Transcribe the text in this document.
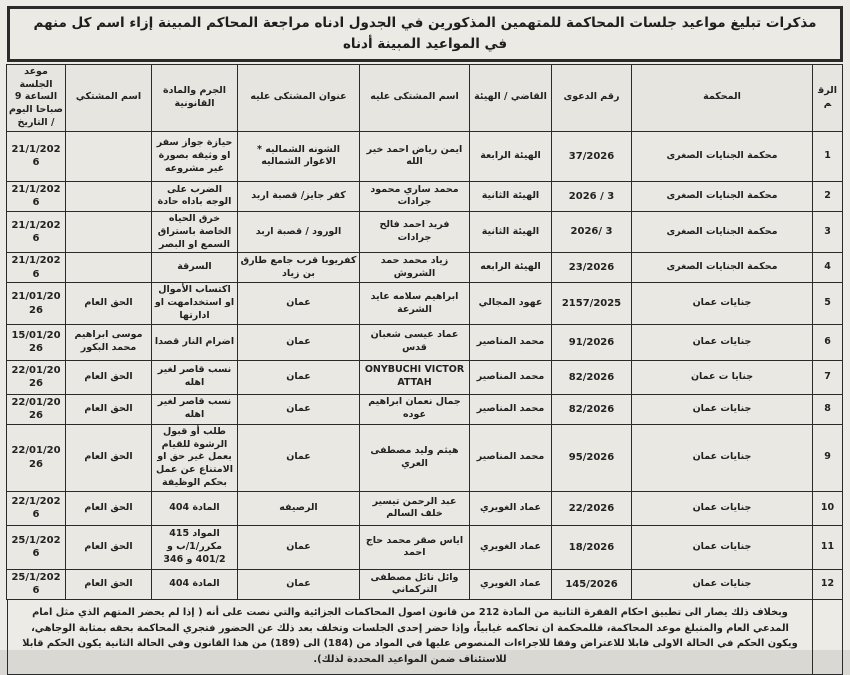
مذكرات تبليغ مواعيد جلسات المحاكمة للمتهمين المذكورين في الجدول ادناه مراجعة المحاكم المبينة إزاء اسم كل منهم في المواعيد المبينة أدناه
الرقم	المحكمة	رقم الدعوى	القاضي / الهيئة	اسم المشتكى عليه	عنوان المشتكى عليه	الجرم والمادة القانونية	اسم المشتكي	موعد الجلسة الساعة 9 صباحا اليوم / التاريخ
1	محكمة الجنايات الصغرى	37/2026	الهيئة الرابعة	ايمن رياض احمد خير الله	الشونه الشماليه * الاغوار الشماليه	حيازة جواز سفر او وثيقه بصورة غير مشروعه		21/1/2026
2	محكمة الجنايات الصغرى	2026 / 3	الهيئة الثانية	محمد ساري محمود جرادات	كفر جايز/ قصبة اربد	الضرب على الوجه باداه حادة		21/1/2026
3	محكمة الجنايات الصغرى	2026/ 3	الهيئة الثانية	فريد احمد فالح جرادات	الورود / قصبة اربد	خرق الحياه الخاصة باستراق السمع او البصر		21/1/2026
4	محكمة الجنايات الصغرى	23/2026	الهيئة الرابعه	زياد محمد حمد الشروش	كفريوبا قرب جامع طارق بن زياد	السرقة		21/1/2026
5	جنايات عمان	2157/2025	عهود المجالي	ابراهيم سلامه عايد الشرعة	عمان	اكتساب الأموال او استخدامهت او ادارتها	الحق العام	21/01/2026
6	جنايات عمان	91/2026	محمد المناصير	عماد عيسى شعبان قدس	عمان	اضرام النار قصدا	موسى ابراهيم محمد البكور	15/01/2026
7	جنايا ت عمان	82/2026	محمد المناصير	ONYBUCHI VICTOR ATTAH	عمان	نسب قاصر لغير اهله	الحق العام	22/01/2026
8	جنايات عمان	82/2026	محمد المناصير	جمال نعمان ابراهيم عوده	عمان	نسب قاصر لغير اهله	الحق العام	22/01/2026
9	جنايات عمان	95/2026	محمد المناصير	هيثم وليد مصطفى العري	عمان	طلب أو قبول الرشوة للقيام بعمل غير حق او الامتناع عن عمل بحكم الوظيفة	الحق العام	22/01/2026
10	جنايات عمان	22/2026	عماد الغويري	عبد الرحمن تيسير خلف السالم	الرصيفه	المادة 404	الحق العام	22/1/2026
11	جنايات عمان	18/2026	عماد الغويري	اياس صقر محمد حاج احمد	عمان	المواد 415 مكرر/1/ب و 401/2 و 346	الحق العام	25/1/2026
12	جنايات عمان	145/2026	عماد الغويري	وائل نائل مصطفى التركماني	عمان	المادة 404	الحق العام	25/1/2026
وبخلاف ذلك يصار الى تطبيق احكام الفقرة الثانية من المادة 212 من قانون اصول المحاكمات الجزائية والتي نصت على أنه ( إذا لم يحضر المتهم الذي مثل امام المدعي العام والمتبلغ موعد المحاكمة، فللمحكمة ان تحاكمه غيابياً، وإذا حضر إحدى الجلسات وتخلف بعد ذلك عن الحضور فتجري المحاكمة بحقه بمثابة الوجاهي، ويكون الحكم في الحالة الاولى قابلا للاعتراض وفقا للاجراءات المنصوص عليها في المواد من (184) الى (189) من هذا القانون وفي الحالة الثانية يكون الحكم قابلا للاستئناف ضمن المواعيد المحددة لذلك).
